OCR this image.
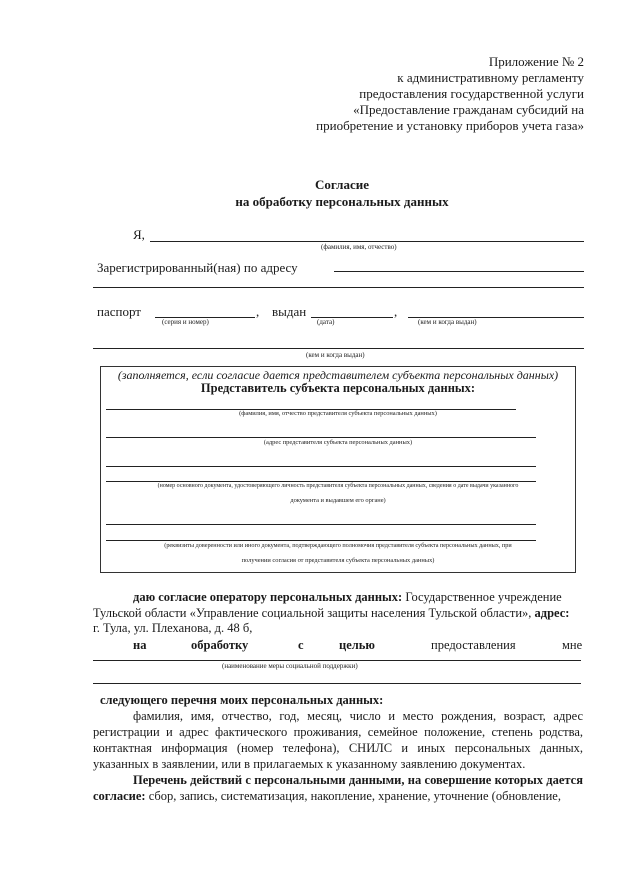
Приложение № 2
к административному регламенту
предоставления государственной услуги
«Предоставление гражданам субсидий на
приобретение и установку приборов учета газа»
Согласие
на обработку персональных данных
Я,
(фамилия, имя, отчество)
Зарегистрированный(ная) по адресу
паспорт	,
(серия и номер)
выдан	,
(дата)	(кем и когда выдан)
(кем и когда выдан)
(заполняется, если согласие дается представителем субъекта персональных данных)
Представитель субъекта персональных данных:
(фамилия, имя, отчество представителя субъекта персональных данных)
(адрес представителя субъекта персональных данных)
(номер основного документа, удостоверяющего личность представителя субъекта персональных данных, сведения о дате выдачи указанного
документа и выдавшем его органе)
(реквизиты доверенности или иного документа, подтверждающего полномочия представителя субъекта персональных данных, при
получении согласия от представителя субъекта персональных данных)
даю согласие оператору персональных данных: Государственное учреждение
Тульской области «Управление социальной защиты населения Тульской области», адрес:
г. Тула, ул. Плеханова, д. 48 б,
на	обработку	с	целью	предоставления	мне
(наименование меры социальной поддержки)
следующего перечня моих персональных данных:
фамилия, имя, отчество, год, месяц, число и место рождения, возраст, адрес
регистрации и адрес фактического проживания, семейное положение, степень родства,
контактная информация (номер телефона), СНИЛС и иных персональных данных,
указанных в заявлении, или в прилагаемых к указанному заявлению документах.
Перечень действий с персональными данными, на совершение которых дается
согласие: сбор, запись, систематизация, накопление, хранение, уточнение (обновление,
